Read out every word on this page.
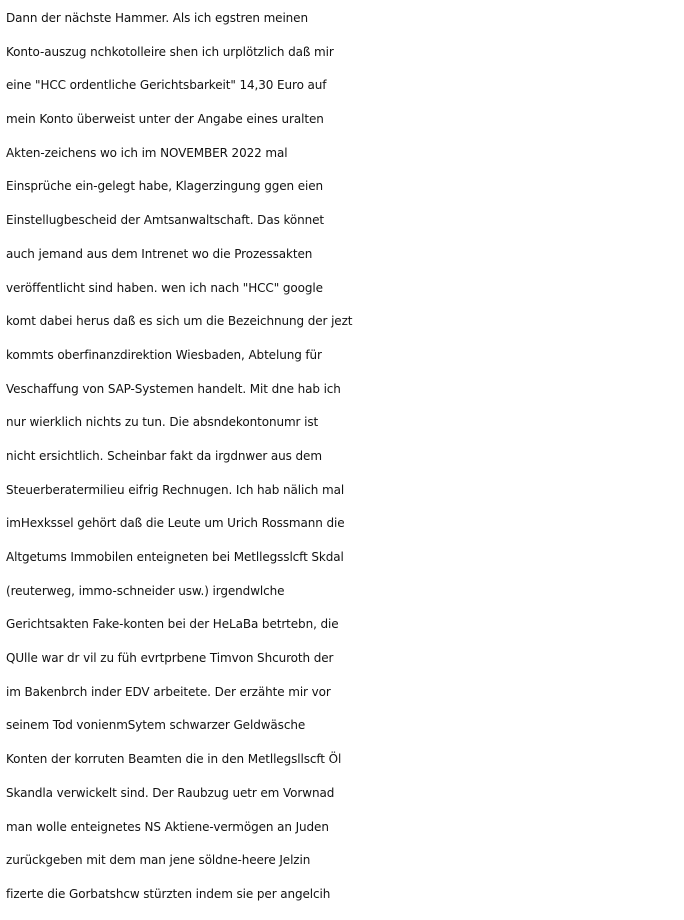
Dann der nächste Hammer. Als ich egstren meinen
Konto-auszug nchkotolleire shen ich urplötzlich daß mir
eine "HCC ordentliche Gerichtsbarkeit" 14,30 Euro auf
mein Konto überweist unter der Angabe eines uralten
Akten-zeichens wo ich im NOVEMBER 2022 mal
Einsprüche ein-gelegt habe, Klagerzingung ggen eien
Einstellugbescheid der Amtsanwaltschaft. Das könnet
auch jemand aus dem Intrenet wo die Prozessakten
veröffentlicht sind haben. wen ich nach "HCC" google
komt dabei herus daß es sich um die Bezeichnung der jezt
kommts oberfinanzdirektion Wiesbaden, Abtelung für
Veschaffung von SAP-Systemen handelt. Mit dne hab ich
nur wierklich nichts zu tun. Die absndekontonumr ist
nicht ersichtlich. Scheinbar fakt da irgdnwer aus dem
Steuerberatermilieu eifrig Rechnugen. Ich hab nälich mal
imHexkssel gehört daß die Leute um Urich Rossmann die
Altgetums Immobilen enteigneten bei Metllegsslcft Skdal
(reuterweg, immo-schneider usw.) irgendwlche
Gerichtsakten Fake-konten bei der HeLaBa betrtebn, die
QUlle war dr vil zu füh evrtprbene Timvon Shcuroth der
im Bakenbrch inder EDV arbeitete. Der erzähte mir vor
seinem Tod vonienmSytem schwarzer Geldwäsche
Konten der korruten Beamten die in den Metllegsllscft Öl
Skandla verwickelt sind. Der Raubzug uetr em Vorwnad
man wolle enteignetes NS Aktiene-vermögen an Juden
zurückgeben mit dem man jene söldne-heere Jelzin
fizerte die Gorbatshcw stürzten indem sie per angelcih
